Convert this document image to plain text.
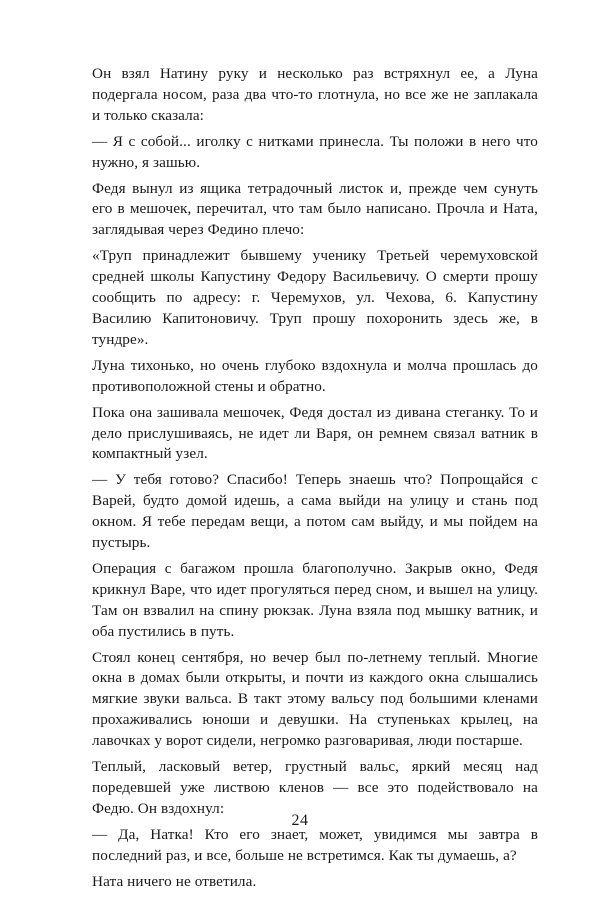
Он взял Натину руку и несколько раз встряхнул ее, а Луна подергала носом, раза два что-то глотнула, но все же не заплакала и только сказала:

— Я с собой... иголку с нитками принесла. Ты положи в него что нужно, я зашью.

Федя вынул из ящика тетрадочный листок и, прежде чем сунуть его в мешочек, перечитал, что там было написано. Прочла и Ната, заглядывая через Федино плечо:

«Труп принадлежит бывшему ученику Третьей черемуховской средней школы Капустину Федору Васильевичу. О смерти прошу сообщить по адресу: г. Черемухов, ул. Чехова, 6. Капустину Василию Капитоновичу. Труп прошу похоронить здесь же, в тундре».

Луна тихонько, но очень глубоко вздохнула и молча прошлась до противоположной стены и обратно.

Пока она зашивала мешочек, Федя достал из дивана стеганку. То и дело прислушиваясь, не идет ли Варя, он ремнем связал ватник в компактный узел.

— У тебя готово? Спасибо! Теперь знаешь что? Попрощайся с Варей, будто домой идешь, а сама выйди на улицу и стань под окном. Я тебе передам вещи, а потом сам выйду, и мы пойдем на пустырь.

Операция с багажом прошла благополучно. Закрыв окно, Федя крикнул Варе, что идет прогуляться перед сном, и вышел на улицу. Там он взвалил на спину рюкзак. Луна взяла под мышку ватник, и оба пустились в путь.

Стоял конец сентября, но вечер был по-летнему теплый. Многие окна в домах были открыты, и почти из каждого окна слышались мягкие звуки вальса. В такт этому вальсу под большими кленами прохаживались юноши и девушки. На ступеньках крылец, на лавочках у ворот сидели, негромко разговаривая, люди постарше.

Теплый, ласковый ветер, грустный вальс, яркий месяц над поредевшей уже листвою кленов — все это подействовало на Федю. Он вздохнул:

— Да, Натка! Кто его знает, может, увидимся мы завтра в последний раз, и все, больше не встретимся. Как ты думаешь, а?

Ната ничего не ответила.

24
